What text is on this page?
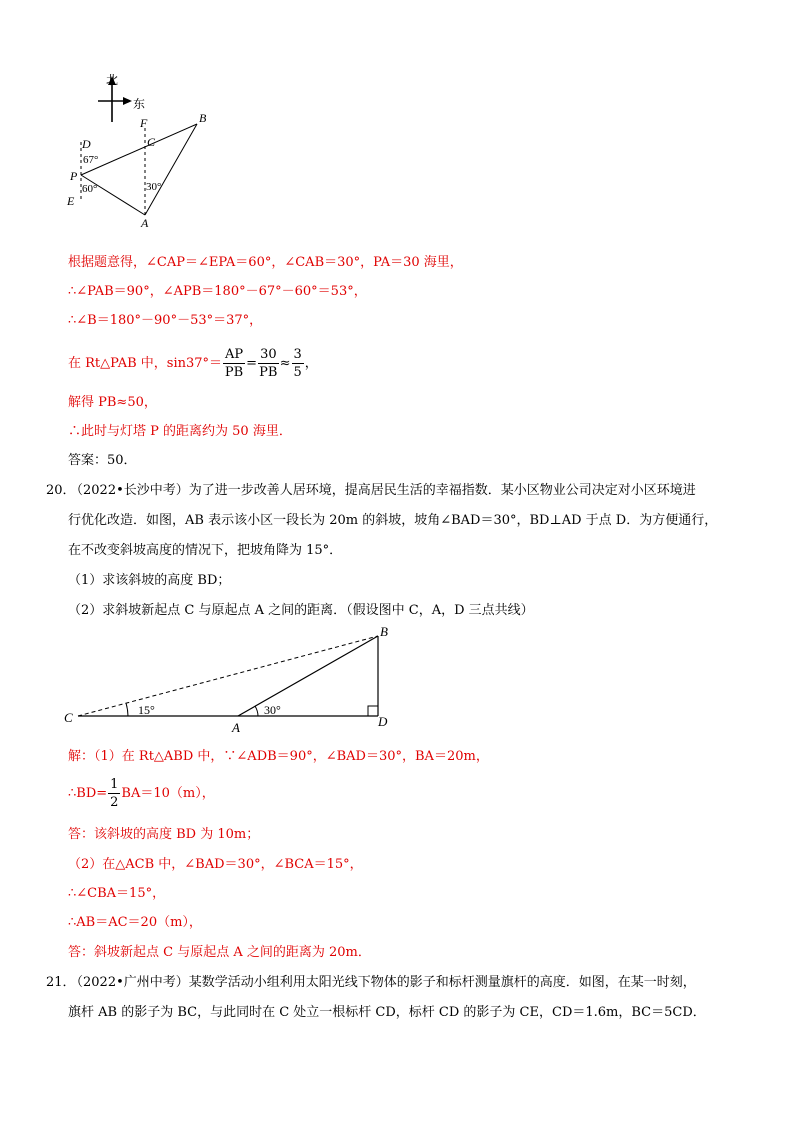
北
东
B
F
C
D
67°
P
60°	30°
E
A
根据题意得，∠CAP＝∠EPA＝60°，∠CAB＝30°，PA＝30 海里，
∴∠PAB＝90°，∠APB＝180°－67°－60°＝53°，
∴∠B＝180°－90°－53°＝37°，
在 Rt△PAB 中，$\sin 37^\circ= \frac{AP}{PB} = \frac{30}{PB} \approx \frac{3}{5}$ ，
解得 PB≈50，
∴此时与灯塔 P 的距离约为 50 海里．
答案：50．
20．
（2022•长沙中考）为了进一步改善人居环境，提高居民生活的幸福指数．某小区物业公司决定对小区环境进
行优化改造．如图，AB 表示该小区一段长为 20m 的斜坡，坡角∠BAD＝30°，BD⊥AD 于点 D．为方便通行，
在不改变斜坡高度的情况下，把坡角降为 15°．
（1）求该斜坡的高度 BD；
（2）求斜坡新起点 C 与原起点 A 之间的距离．（假设图中 C，A，D 三点共线）
B
C
A	D
15°	30°
解：（1）在 Rt△ABD 中，∵∠ADB＝90°，∠BAD＝30°，BA＝20m，
∴BD= $\frac{1}{2} BA=10(m)$，
答：该斜坡的高度 BD 为 10m；
（2）在△ACB 中，∠BAD＝30°，∠BCA＝15°，
∴∠CBA＝15°，
∴AB＝AC＝20（m），
答：斜坡新起点 C 与原起点 A 之间的距离为 20m．
21．
（2022•广州中考）某数学活动小组利用太阳光线下物体的影子和标杆测量旗杆的高度．如图，在某一时刻，
旗杆 AB 的影子为 BC，与此同时在 C 处立一根标杆 CD，标杆 CD 的影子为 CE，CD＝1.6m，BC＝5CD．
